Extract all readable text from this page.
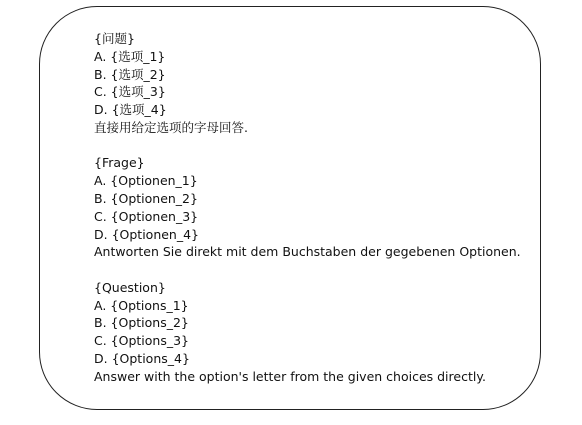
{问题}
A. {选项_1}
B. {选项_2}
C. {选项_3}
D. {选项_4}
直接用给定选项的字母回答.
{Frage}
A. {Optionen_1}
B. {Optionen_2}
C. {Optionen_3}
D. {Optionen_4}
Antworten Sie direkt mit dem Buchstaben der gegebenen Optionen.
{Question}
A. {Options_1}
B. {Options_2}
C. {Options_3}
D. {Options_4}
Answer with the option's letter from the given choices directly.
